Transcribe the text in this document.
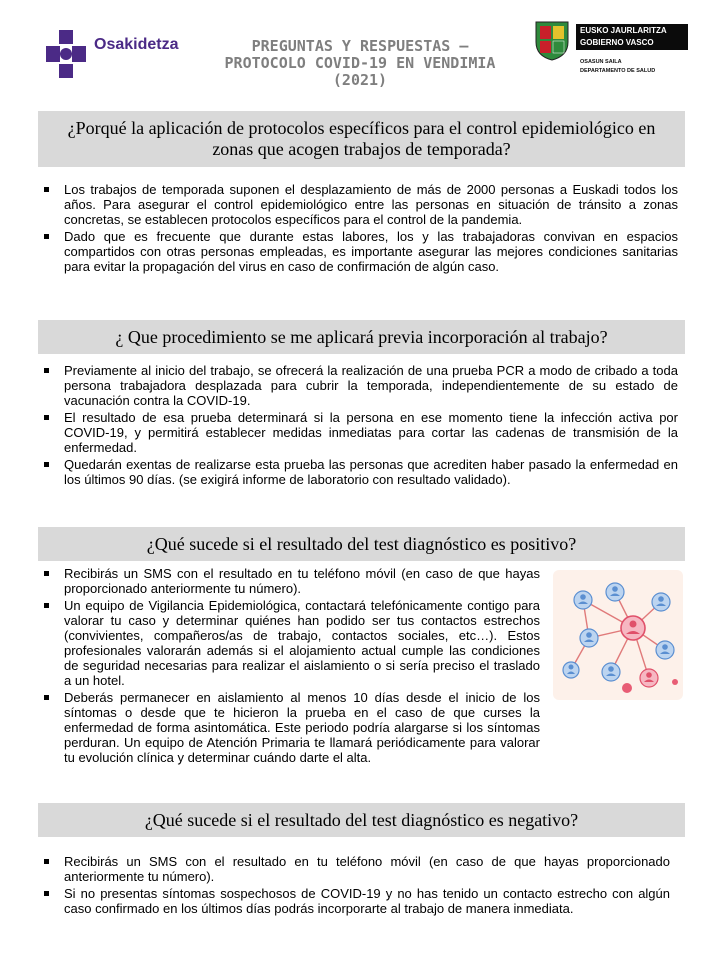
Osakidetza	PREGUNTAS Y RESPUESTAS –
PROTOCOLO COVID-19 EN VENDIMIA
(2021)
EUSKO JAURLARITZA
GOBIERNO VASCO
OSASUN SAILA
DEPARTAMENTO DE SALUD
¿Porqué la aplicación de protocolos específicos para el control epidemiológico en zonas que acogen trabajos de temporada?
Los trabajos de temporada suponen el desplazamiento de más de 2000 personas a Euskadi todos los años. Para asegurar el control epidemiológico entre las personas en situación de tránsito a zonas concretas, se establecen protocolos específicos para el control de la pandemia.
Dado que es frecuente que durante estas labores, los y las trabajadoras convivan en espacios compartidos con otras personas empleadas, es importante asegurar las mejores condiciones sanitarias para evitar la propagación del virus en caso de confirmación de algún caso.
¿ Que procedimiento se me aplicará previa incorporación al trabajo?
Previamente al inicio del trabajo, se ofrecerá la realización de una prueba PCR a modo de cribado a toda persona trabajadora desplazada para cubrir la temporada, independientemente de su estado de vacunación contra la COVID-19.
El resultado de esa prueba determinará si la persona en ese momento tiene la infección activa por COVID-19, y permitirá establecer medidas inmediatas para cortar las cadenas de transmisión de la enfermedad.
Quedarán exentas de realizarse esta prueba las personas que acrediten haber pasado la enfermedad en los últimos 90 días. (se exigirá informe de laboratorio con resultado validado).
¿Qué sucede si el resultado del test diagnóstico es positivo?
Recibirás un SMS con el resultado en tu teléfono móvil (en caso de que hayas proporcionado anteriormente tu número).
Un equipo de Vigilancia Epidemiológica, contactará telefónicamente contigo para valorar tu caso y determinar quiénes han podido ser tus contactos estrechos (convivientes, compañeros/as de trabajo, contactos sociales, etc…). Estos profesionales valorarán además si el alojamiento actual cumple las condiciones de seguridad necesarias para realizar el aislamiento o si sería preciso el traslado a un hotel.
Deberás permanecer en aislamiento al menos 10 días desde el inicio de los síntomas o desde que te hicieron la prueba en el caso de que curses la enfermedad de forma asintomática. Este periodo podría alargarse si los síntomas perduran. Un equipo de Atención Primaria te llamará periódicamente para valorar tu evolución clínica y determinar cuándo darte el alta.
¿Qué sucede si el resultado del test diagnóstico es negativo?
Recibirás un SMS con el resultado en tu teléfono móvil (en caso de que hayas proporcionado anteriormente tu número).
Si no presentas síntomas sospechosos de COVID-19 y no has tenido un contacto estrecho con algún caso confirmado en los últimos días podrás incorporarte al trabajo de manera inmediata.
